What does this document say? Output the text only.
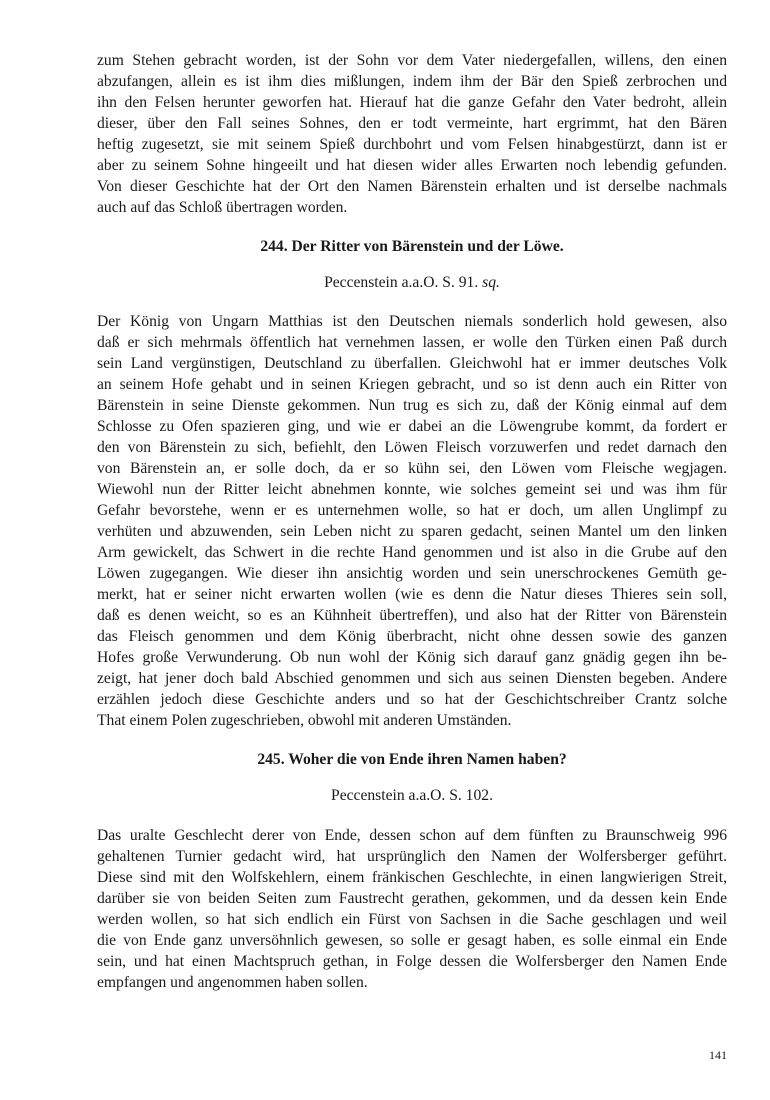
zum Stehen gebracht worden, ist der Sohn vor dem Vater niedergefallen, willens, den einen
abzufangen, allein es ist ihm dies mißlungen, indem ihm der Bär den Spieß zerbrochen und
ihn den Felsen herunter geworfen hat. Hierauf hat die ganze Gefahr den Vater bedroht, allein
dieser, über den Fall seines Sohnes, den er todt vermeinte, hart ergrimmt, hat den Bären
heftig zugesetzt, sie mit seinem Spieß durchbohrt und vom Felsen hinabgestürzt, dann ist er
aber zu seinem Sohne hingeeilt und hat diesen wider alles Erwarten noch lebendig gefunden.
Von dieser Geschichte hat der Ort den Namen Bärenstein erhalten und ist derselbe nachmals
auch auf das Schloß übertragen worden.
244. Der Ritter von Bärenstein und der Löwe.
Peccenstein a.a.O. S. 91. sq.
Der König von Ungarn Matthias ist den Deutschen niemals sonderlich hold gewesen, also
daß er sich mehrmals öffentlich hat vernehmen lassen, er wolle den Türken einen Paß durch
sein Land vergünstigen, Deutschland zu überfallen. Gleichwohl hat er immer deutsches Volk
an seinem Hofe gehabt und in seinen Kriegen gebracht, und so ist denn auch ein Ritter von
Bärenstein in seine Dienste gekommen. Nun trug es sich zu, daß der König einmal auf dem
Schlosse zu Ofen spazieren ging, und wie er dabei an die Löwengrube kommt, da fordert er
den von Bärenstein zu sich, befiehlt, den Löwen Fleisch vorzuwerfen und redet darnach den
von Bärenstein an, er solle doch, da er so kühn sei, den Löwen vom Fleische wegjagen.
Wiewohl nun der Ritter leicht abnehmen konnte, wie solches gemeint sei und was ihm für
Gefahr bevorstehe, wenn er es unternehmen wolle, so hat er doch, um allen Unglimpf zu
verhüten und abzuwenden, sein Leben nicht zu sparen gedacht, seinen Mantel um den linken
Arm gewickelt, das Schwert in die rechte Hand genommen und ist also in die Grube auf den
Löwen zugegangen. Wie dieser ihn ansichtig worden und sein unerschrockenes Gemüth ge-
merkt, hat er seiner nicht erwarten wollen (wie es denn die Natur dieses Thieres sein soll,
daß es denen weicht, so es an Kühnheit übertreffen), und also hat der Ritter von Bärenstein
das Fleisch genommen und dem König überbracht, nicht ohne dessen sowie des ganzen
Hofes große Verwunderung. Ob nun wohl der König sich darauf ganz gnädig gegen ihn be-
zeigt, hat jener doch bald Abschied genommen und sich aus seinen Diensten begeben. Andere
erzählen jedoch diese Geschichte anders und so hat der Geschichtschreiber Crantz solche
That einem Polen zugeschrieben, obwohl mit anderen Umständen.
245. Woher die von Ende ihren Namen haben?
Peccenstein a.a.O. S. 102.
Das uralte Geschlecht derer von Ende, dessen schon auf dem fünften zu Braunschweig 996
gehaltenen Turnier gedacht wird, hat ursprünglich den Namen der Wolfersberger geführt.
Diese sind mit den Wolfskehlern, einem fränkischen Geschlechte, in einen langwierigen Streit,
darüber sie von beiden Seiten zum Faustrecht gerathen, gekommen, und da dessen kein Ende
werden wollen, so hat sich endlich ein Fürst von Sachsen in die Sache geschlagen und weil
die von Ende ganz unversöhnlich gewesen, so solle er gesagt haben, es solle einmal ein Ende
sein, und hat einen Machtspruch gethan, in Folge dessen die Wolfersberger den Namen Ende
empfangen und angenommen haben sollen.
141
